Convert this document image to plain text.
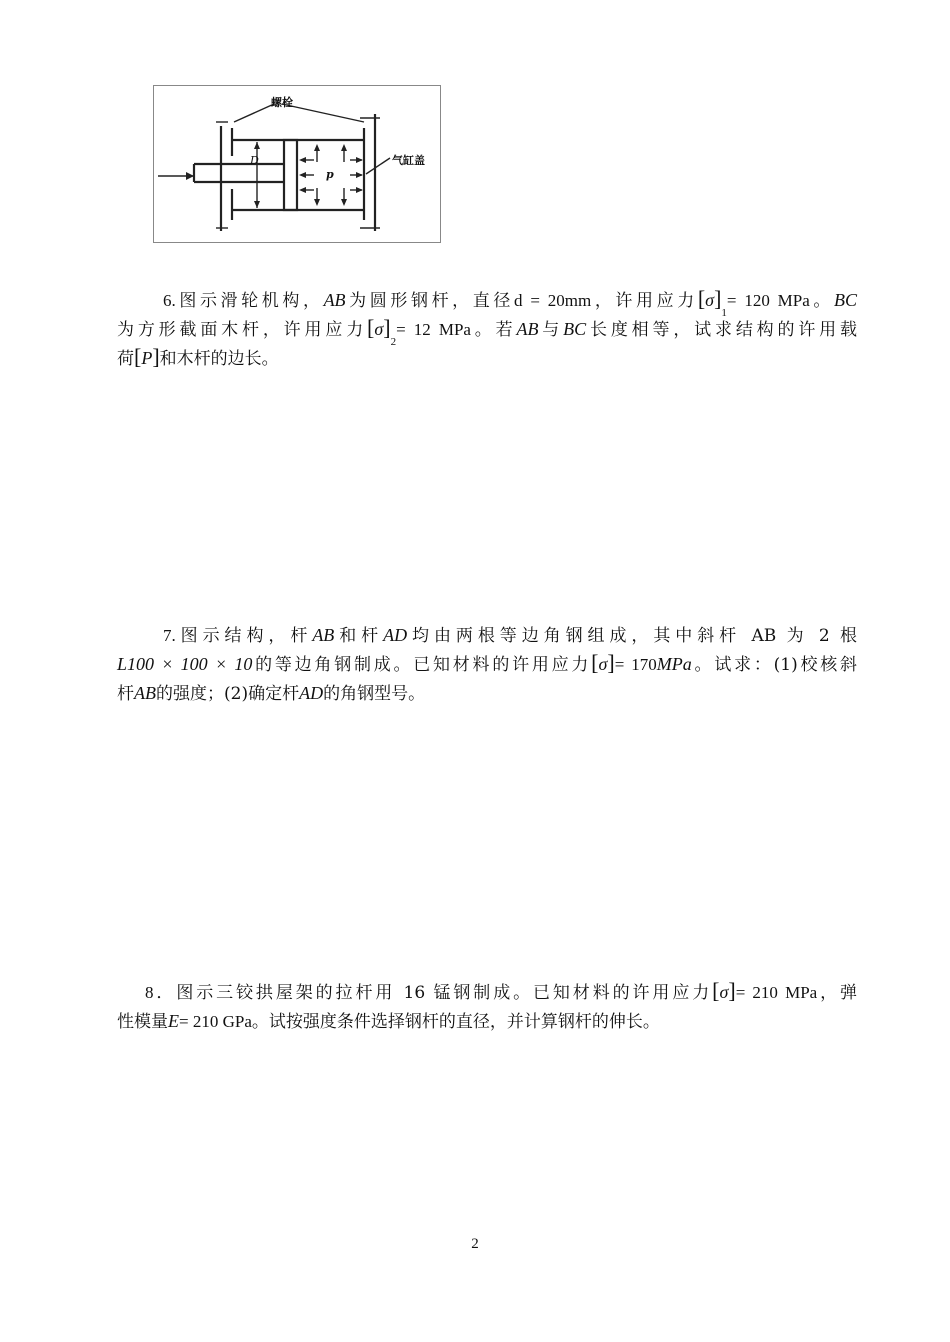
螺栓
气缸盖
D
p
6.图示滑轮机构，AB为圆形钢杆，直径d = 20mm，许用应力$[\sigma]_1= 120$ MPa。BC
为方形截面木杆，许用应力$[\sigma]_2= 12$ MPa。若AB与BC长度相等，试求结构的许用载
荷[P]和木杆的边长。
7.图示结构，杆AB和杆AD均由两根等边角钢组成，其中斜杆 AB 为 2 根
L100 × 100 × 10的等边角钢制成。已知材料的许用应力[σ]= 170MPa。试求：(1)校核斜
杆AB的强度；(2)确定杆AD的角钢型号。
8．图示三铰拱屋架的拉杆用 16 锰钢制成。已知材料的许用应力[σ]= 210 MPa，弹
性模量E= 210 GPa。试按强度条件选择钢杆的直径，并计算钢杆的伸长。
2
